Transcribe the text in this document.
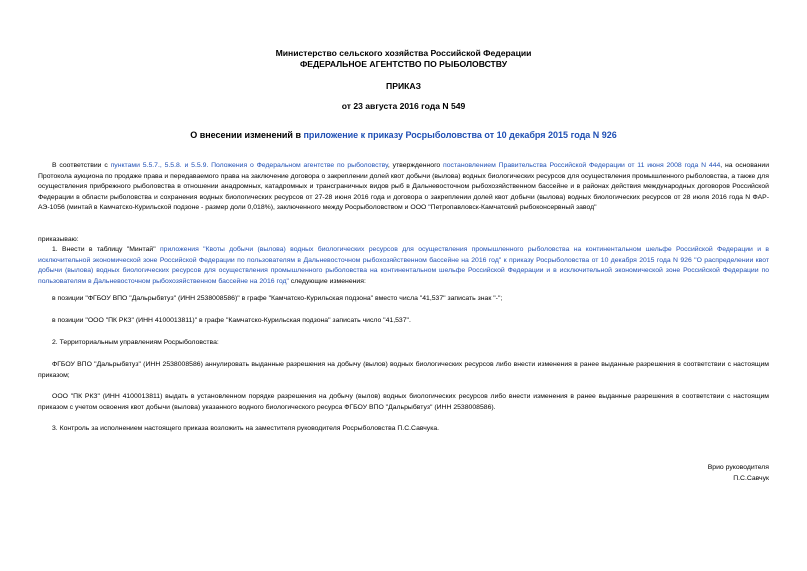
Министерство сельского хозяйства Российской Федерации
ФЕДЕРАЛЬНОЕ АГЕНТСТВО ПО РЫБОЛОВСТВУ
ПРИКАЗ
от 23 августа 2016 года N 549
О внесении изменений в приложение к приказу Росрыболовства от 10 декабря 2015 года N 926

В соответствии с пунктами 5.5.7., 5.5.8. и 5.5.9. Положения о Федеральном агентстве по рыболовству, утвержденного постановлением Правительства Российской Федерации от 11 июня 2008 года N 444, на основании Протокола аукциона по продаже права и передаваемого права на заключение договора о закреплении долей квот добычи (вылова) водных биологических ресурсов для осуществления промышленного рыболовства, а также для осуществления прибрежного рыболовства в отношении анадромных, катадромных и трансграничных видов рыб в Дальневосточном рыбохозяйственном бассейне и в районах действия международных договоров Российской Федерации в области рыболовства и сохранения водных биологических ресурсов от 27-28 июня 2016 года и договора о закреплении долей квот добычи (вылова) водных биологических ресурсов от 28 июля 2016 года N ФАР-АЭ-1056 (минтай в Камчатско-Курильской подзоне - размер доли 0,018%), заключенного между Росрыболовством и ООО "Петропавловск-Камчатский рыбоконсервный завод"

приказываю:

1. Внести в таблицу "Минтай" приложения "Квоты добычи (вылова) водных биологических ресурсов для осуществления промышленного рыболовства на континентальном шельфе Российской Федерации и в исключительной экономической зоне Российской Федерации по пользователям в Дальневосточном рыбохозяйственном бассейне на 2016 год" к приказу Росрыболовства от 10 декабря 2015 года N 926 "О распределении квот добычи (вылова) водных биологических ресурсов для осуществления промышленного рыболовства на континентальном шельфе Российской Федерации и в исключительной экономической зоне Российской Федерации по пользователям в Дальневосточном рыбохозяйственном бассейне на 2016 год" следующие изменения:

в позиции "ФГБОУ ВПО "Дальрыбвтуз" (ИНН 2538008586)" в графе "Камчатско-Курильская подзона" вместо числа "41,537" записать знак "-";

в позиции "ООО "ПК РКЗ" (ИНН 4100013811)" в графе "Камчатско-Курильская подзона" записать число "41,537".

2. Территориальным управлениям Росрыболовства:

ФГБОУ ВПО "Дальрыбвтуз" (ИНН 2538008586) аннулировать выданные разрешения на добычу (вылов) водных биологических ресурсов либо внести изменения в ранее выданные разрешения в соответствии с настоящим приказом;

ООО "ПК РКЗ" (ИНН 4100013811) выдать в установленном порядке разрешения на добычу (вылов) водных биологических ресурсов либо внести изменения в ранее выданные разрешения в соответствии с настоящим приказом с учетом освоения квот добычи (вылова) указанного водного биологического ресурса ФГБОУ ВПО "Дальрыбвтуз" (ИНН 2538008586).

3. Контроль за исполнением настоящего приказа возложить на заместителя руководителя Росрыболовства П.С.Савчука.

Врио руководителя
П.С.Савчук
